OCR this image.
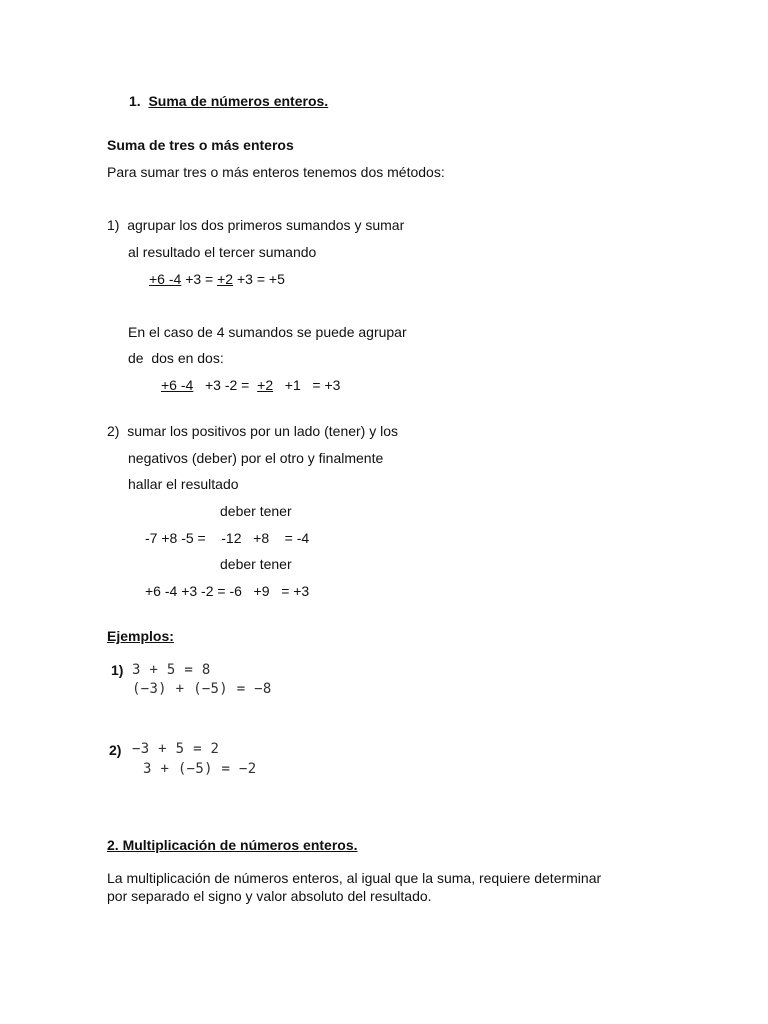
1. Suma de números enteros.
Suma de tres o más enteros
Para sumar tres o más enteros tenemos dos métodos:
1)  agrupar los dos primeros sumandos y sumar
al resultado el tercer sumando
+6 -4 +3 = +2 +3 = +5
En el caso de 4 sumandos se puede agrupar
de  dos en dos:
+6 -4   +3 -2 =  +2   +1   = +3
2)  sumar los positivos por un lado (tener) y los
negativos (deber) por el otro y finalmente
hallar el resultado
deber tener
-7 +8 -5 =    -12   +8    = -4
deber tener
+6 -4 +3 -2 = -6   +9   = +3
Ejemplos:
1) 3 + 5 = 8
(−3) + (−5) = −8
2) −3 + 5 = 2
3 + (−5) = −2
2. Multiplicación de números enteros.
La multiplicación de números enteros, al igual que la suma, requiere determinar
por separado el signo y valor absoluto del resultado.
